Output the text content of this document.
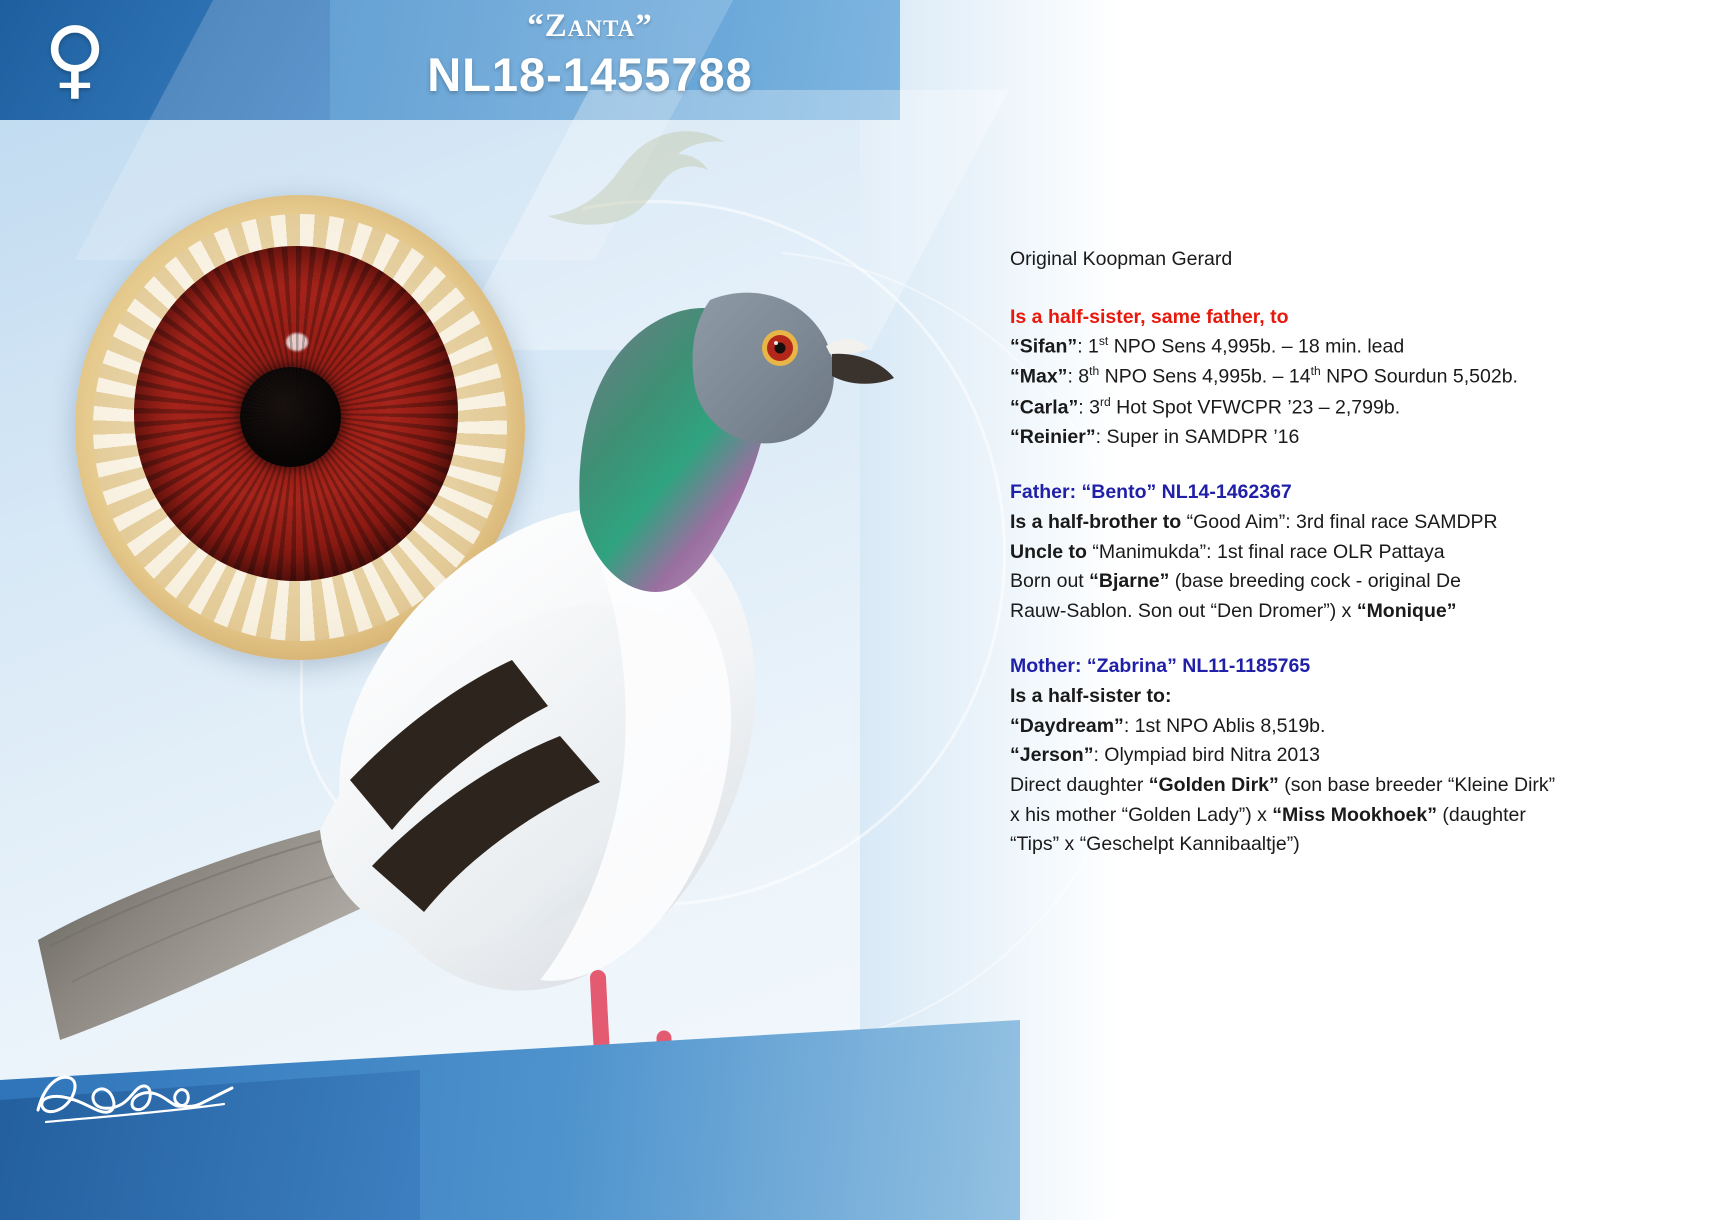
♀	“Zanta”
NL18-1455788
Original Koopman Gerard
Is a half-sister, same father, to
“Sifan”: 1st NPO Sens 4,995b. – 18 min. lead
“Max”: 8th NPO Sens 4,995b. – 14th NPO Sourdun 5,502b.
“Carla”: 3rd Hot Spot VFWCPR ’23 – 2,799b.
“Reinier”: Super in SAMDPR ’16
Father: “Bento” NL14-1462367
Is a half-brother to “Good Aim”: 3rd final race SAMDPR
Uncle to “Manimukda”: 1st final race OLR Pattaya
Born out “Bjarne” (base breeding cock - original De
Rauw-Sablon. Son out “Den Dromer”) x “Monique”
Mother: “Zabrina” NL11-1185765
Is a half-sister to:
“Daydream”: 1st NPO Ablis 8,519b.
“Jerson”: Olympiad bird Nitra 2013
Direct daughter “Golden Dirk” (son base breeder “Kleine Dirk”
x his mother “Golden Lady”) x “Miss Mookhoek” (daughter
“Tips” x “Geschelpt Kannibaaltje”)
